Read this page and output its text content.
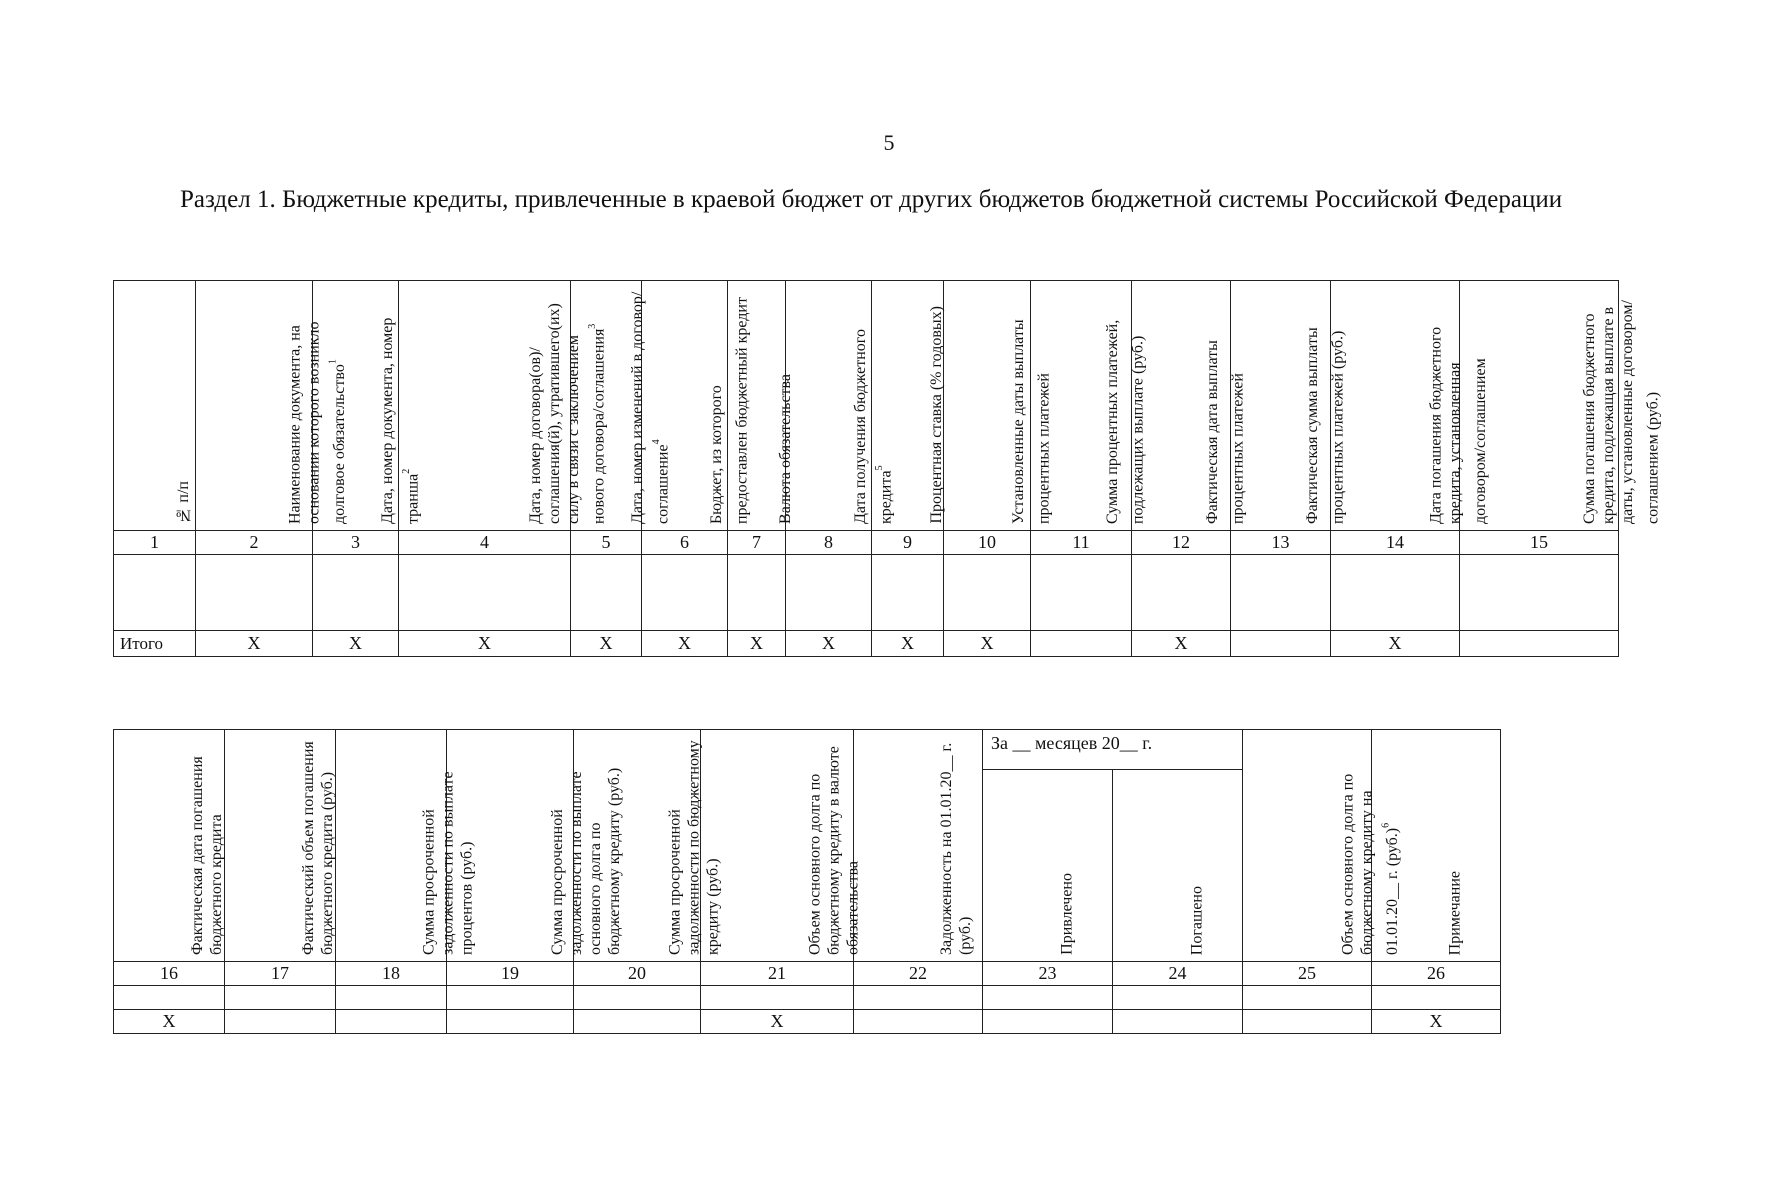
5
Раздел 1. Бюджетные кредиты, привлеченные в краевой бюджет от других бюджетов бюджетной системы Российской Федерации
№ п/п	Наименование документа, на основании которого возникло долговое обязательство$^1$	Дата, номер документа, номер транша$^2$	Дата, номер договора(ов)/соглашения(й), утратившего(их) силу в связи с заключением нового договора/соглашения$^3$	Дата, номер изменений в договор/соглашение$^4$	Бюджет, из которого предоставлен бюджетный кредит	Валюта обязательства	Дата получения бюджетного кредита$^5$	Процентная ставка (% годовых)	Установленные даты выплаты процентных платежей	Сумма процентных платежей, подлежащих выплате (руб.)	Фактическая дата выплаты процентных платежей	Фактическая сумма выплаты процентных платежей (руб.)	Дата погашения бюджетного кредита, установленная договором/соглашением	Сумма погашения бюджетного кредита, подлежащая выплате в даты, установленные договором/соглашением (руб.)

1	2	3	4	5	6	7	8	9	10	11	12	13	14	15

Итого	X	X	X	X	X	X	X	X	X		X		X	
Фактическая дата погашения бюджетного кредита	Фактический объем погашения бюджетного кредита (руб.)	Сумма просроченной задолженности по выплате процентов (руб.)	Сумма просроченной задолженности по выплате основного долга по бюджетному кредиту (руб.)	Сумма просроченной задолженности по бюджетному кредиту (руб.)	Объем основного долга по бюджетному кредиту в валюте обязательства	Задолженность на 01.01.20__ г. (руб.)	За __ месяцев 20__ г.		Объем основного долга по бюджетному кредиту на 01.01.20__ г. $(руб.)^6$	Примечание

							Привлечено	Погашено		

16	17	18	19	20	21	22	23	24	25	26

X					X					X
